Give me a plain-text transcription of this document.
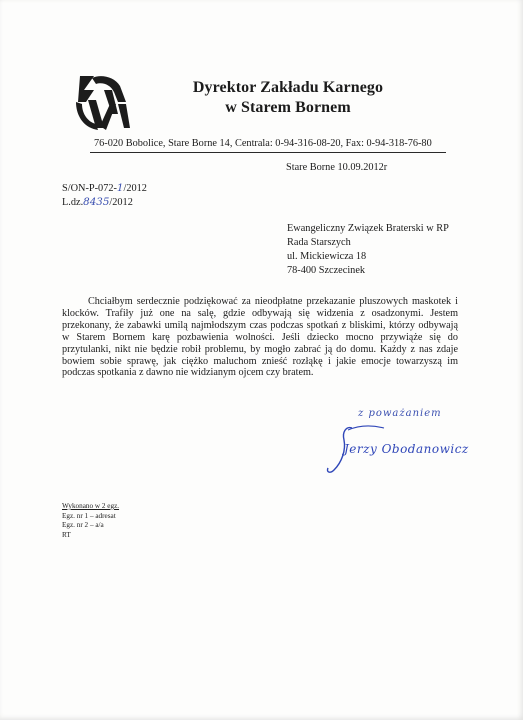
Dyrektor Zakładu Karnego
w Starem Bornem
76-020 Bobolice, Stare Borne 14, Centrala: 0-94-316-08-20, Fax: 0-94-318-76-80
Stare Borne 10.09.2012r
S/ON-P-072-1/2012
L.dz.8435/2012
Ewangeliczny Związek Braterski w RP
Rada Starszych
ul. Mickiewicza 18
78-400 Szczecinek
Chciałbym serdecznie podziękować za nieodpłatne przekazanie pluszowych maskotek i klocków. Trafiły już one na salę, gdzie odbywają się widzenia z osadzonymi. Jestem przekonany, że zabawki umilą najmłodszym czas podczas spotkań z bliskimi, którzy odbywają w Starem Bornem karę pozbawienia wolności. Jeśli dziecko mocno przywiąże się do przytulanki, nikt nie będzie robił problemu, by mogło zabrać ją do domu. Każdy z nas zdaje bowiem sobie sprawę, jak ciężko maluchom znieść rozłąkę i jakie emocje towarzyszą im podczas spotkania z dawno nie widzianym ojcem czy bratem.
z poważaniem
Jerzy Obodanowicz
Wykonano w 2 egz.
Egz. nr 1 – adresat
Egz. nr 2 – a/a
RT
